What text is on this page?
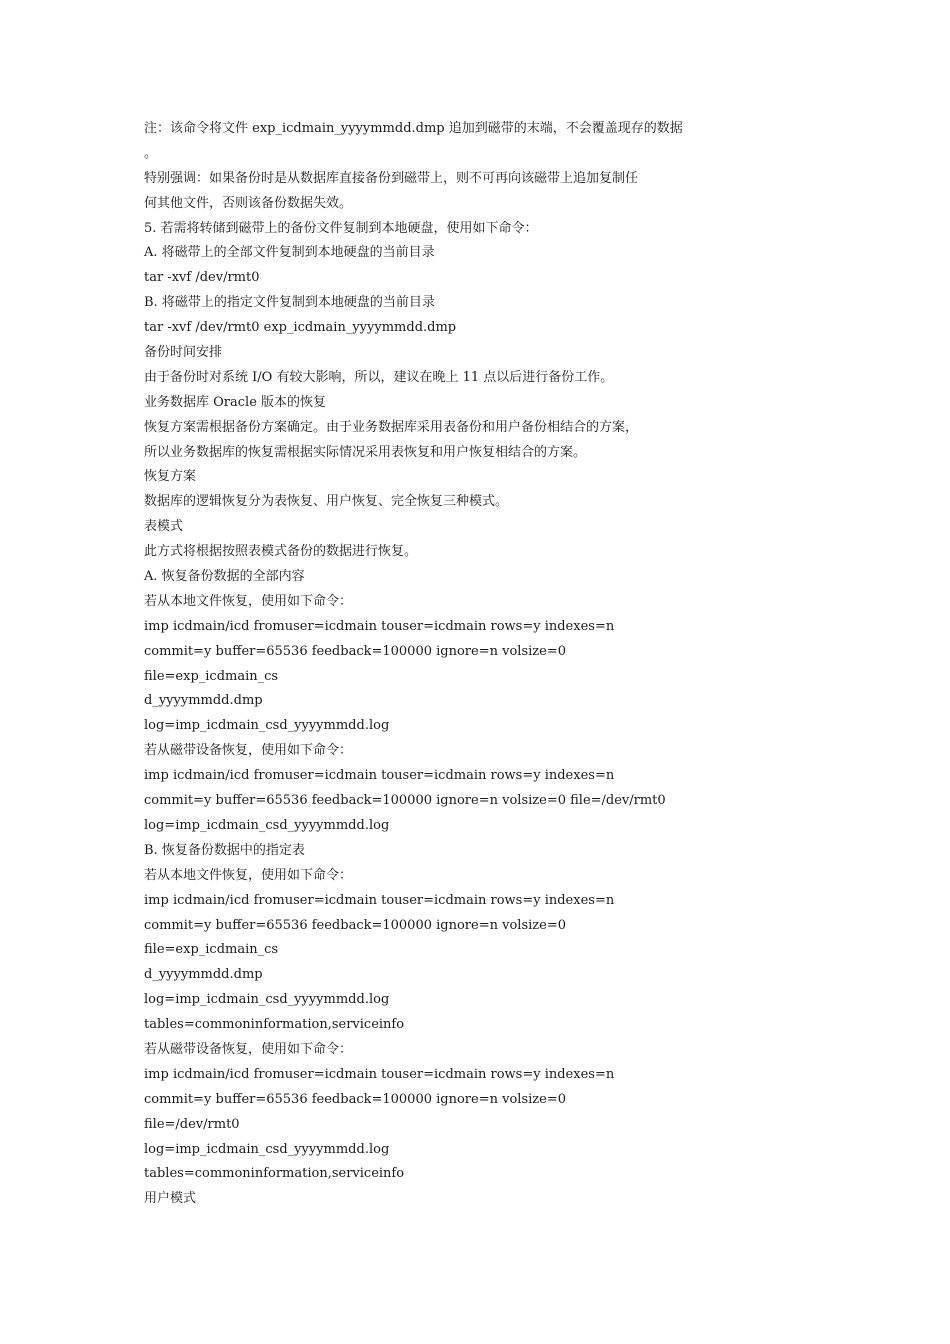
注：该命令将文件 exp_icdmain_yyyymmdd.dmp 追加到磁带的末端，不会覆盖现存的数据
。
特别强调：如果备份时是从数据库直接备份到磁带上，则不可再向该磁带上追加复制任
何其他文件，否则该备份数据失效。
5. 若需将转储到磁带上的备份文件复制到本地硬盘，使用如下命令：
A. 将磁带上的全部文件复制到本地硬盘的当前目录
tar -xvf /dev/rmt0
B. 将磁带上的指定文件复制到本地硬盘的当前目录
tar -xvf /dev/rmt0 exp_icdmain_yyyymmdd.dmp
备份时间安排
由于备份时对系统 I/O 有较大影响，所以，建议在晚上 11 点以后进行备份工作。
业务数据库 Oracle 版本的恢复
恢复方案需根据备份方案确定。由于业务数据库采用表备份和用户备份相结合的方案，
所以业务数据库的恢复需根据实际情况采用表恢复和用户恢复相结合的方案。
恢复方案
数据库的逻辑恢复分为表恢复、用户恢复、完全恢复三种模式。
表模式
此方式将根据按照表模式备份的数据进行恢复。
A. 恢复备份数据的全部内容
若从本地文件恢复，使用如下命令：
imp icdmain/icd fromuser=icdmain touser=icdmain rows=y indexes=n
commit=y buffer=65536 feedback=100000 ignore=n volsize=0
file=exp_icdmain_cs
d_yyyymmdd.dmp
log=imp_icdmain_csd_yyyymmdd.log
若从磁带设备恢复，使用如下命令：
imp icdmain/icd fromuser=icdmain touser=icdmain rows=y indexes=n
commit=y buffer=65536 feedback=100000 ignore=n volsize=0 file=/dev/rmt0
log=imp_icdmain_csd_yyyymmdd.log
B. 恢复备份数据中的指定表
若从本地文件恢复，使用如下命令：
imp icdmain/icd fromuser=icdmain touser=icdmain rows=y indexes=n
commit=y buffer=65536 feedback=100000 ignore=n volsize=0
file=exp_icdmain_cs
d_yyyymmdd.dmp
log=imp_icdmain_csd_yyyymmdd.log
tables=commoninformation,serviceinfo
若从磁带设备恢复，使用如下命令：
imp icdmain/icd fromuser=icdmain touser=icdmain rows=y indexes=n
commit=y buffer=65536 feedback=100000 ignore=n volsize=0
file=/dev/rmt0
log=imp_icdmain_csd_yyyymmdd.log
tables=commoninformation,serviceinfo
用户模式
